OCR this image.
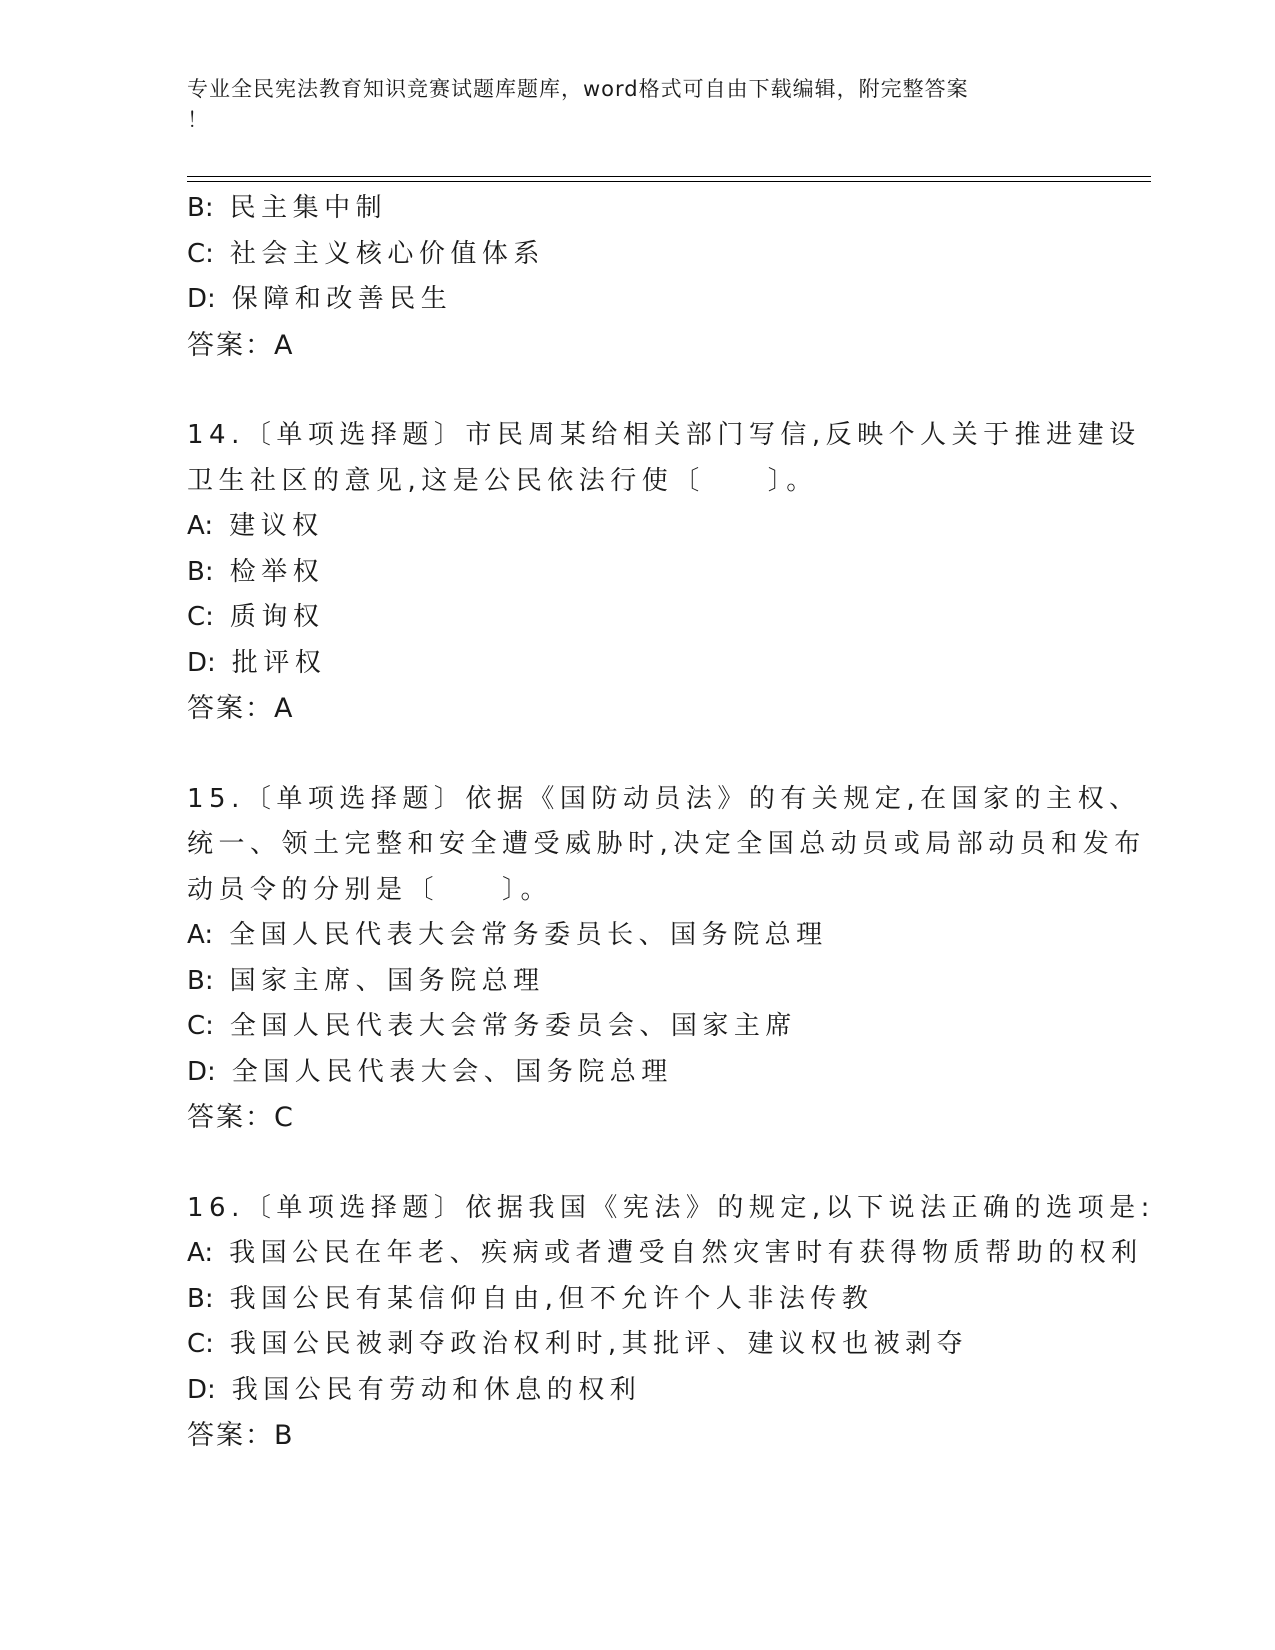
专业全民宪法教育知识竞赛试题库题库，word格式可自由下载编辑，附完整答案
！
B: 民主集中制
C: 社会主义核心价值体系
D: 保障和改善民生
答案：A
14.〔单项选择题〕市民周某给相关部门写信,反映个人关于推进建设
卫生社区的意见,这是公民依法行使〔　　〕。
A: 建议权
B: 检举权
C: 质询权
D: 批评权
答案：A
15.〔单项选择题〕依据《国防动员法》的有关规定,在国家的主权、
统一、领土完整和安全遭受威胁时,决定全国总动员或局部动员和发布
动员令的分别是〔　　〕。
A: 全国人民代表大会常务委员长、国务院总理
B: 国家主席、国务院总理
C: 全国人民代表大会常务委员会、国家主席
D: 全国人民代表大会、国务院总理
答案：C
16.〔单项选择题〕依据我国《宪法》的规定,以下说法正确的选项是:
A: 我国公民在年老、疾病或者遭受自然灾害时有获得物质帮助的权利
B: 我国公民有某信仰自由,但不允许个人非法传教
C: 我国公民被剥夺政治权利时,其批评、建议权也被剥夺
D: 我国公民有劳动和休息的权利
答案：B
